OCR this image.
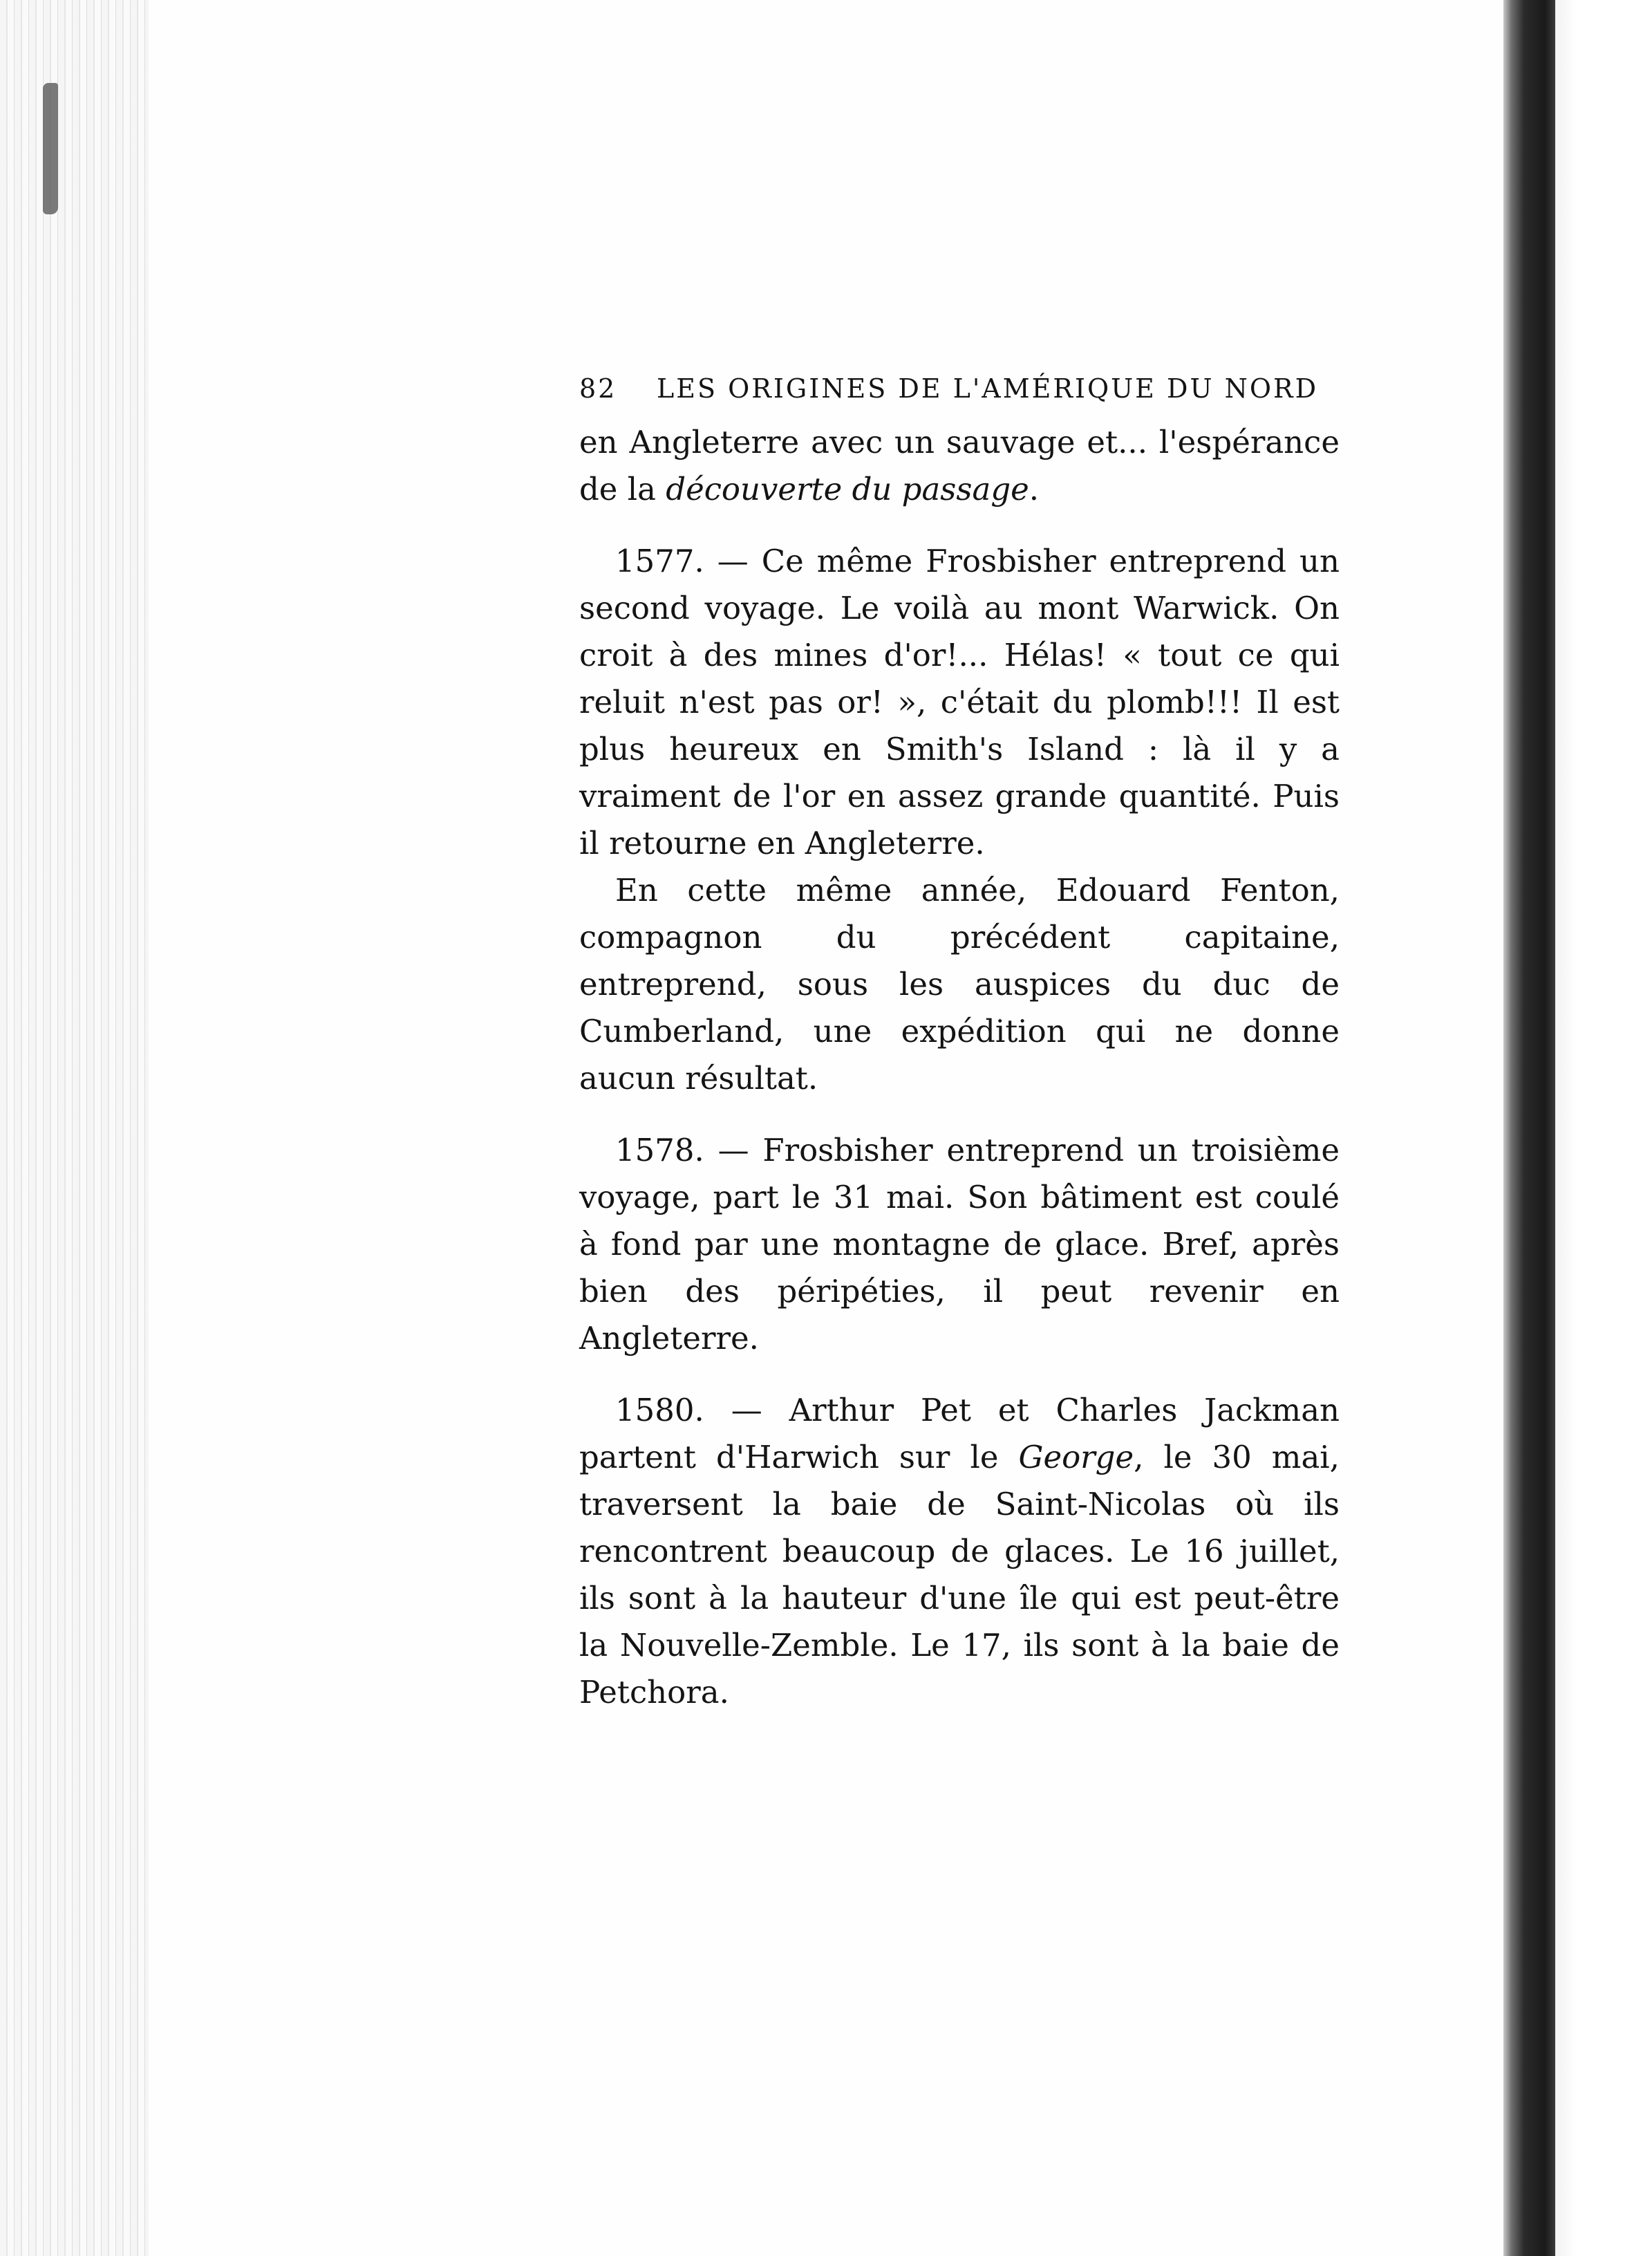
82	LES ORIGINES DE L'AMÉRIQUE DU NORD

en Angleterre avec un sauvage et... l'espérance de la découverte du passage.

1577. — Ce même Frosbisher entreprend un second voyage. Le voilà au mont Warwick. On croit à des mines d'or!... Hélas! « tout ce qui reluit n'est pas or! », c'était du plomb!!! Il est plus heureux en Smith's Island : là il y a vraiment de l'or en assez grande quantité. Puis il retourne en Angleterre.

En cette même année, Edouard Fenton, compagnon du précédent capitaine, entreprend, sous les auspices du duc de Cumberland, une expédition qui ne donne aucun résultat.

1578. — Frosbisher entreprend un troisième voyage, part le 31 mai. Son bâtiment est coulé à fond par une montagne de glace. Bref, après bien des péripéties, il peut revenir en Angleterre.

1580. — Arthur Pet et Charles Jackman partent d'Harwich sur le George, le 30 mai, traversent la baie de Saint-Nicolas où ils rencontrent beaucoup de glaces. Le 16 juillet, ils sont à la hauteur d'une île qui est peut-être la Nouvelle-Zemble. Le 17, ils sont à la baie de Petchora.
